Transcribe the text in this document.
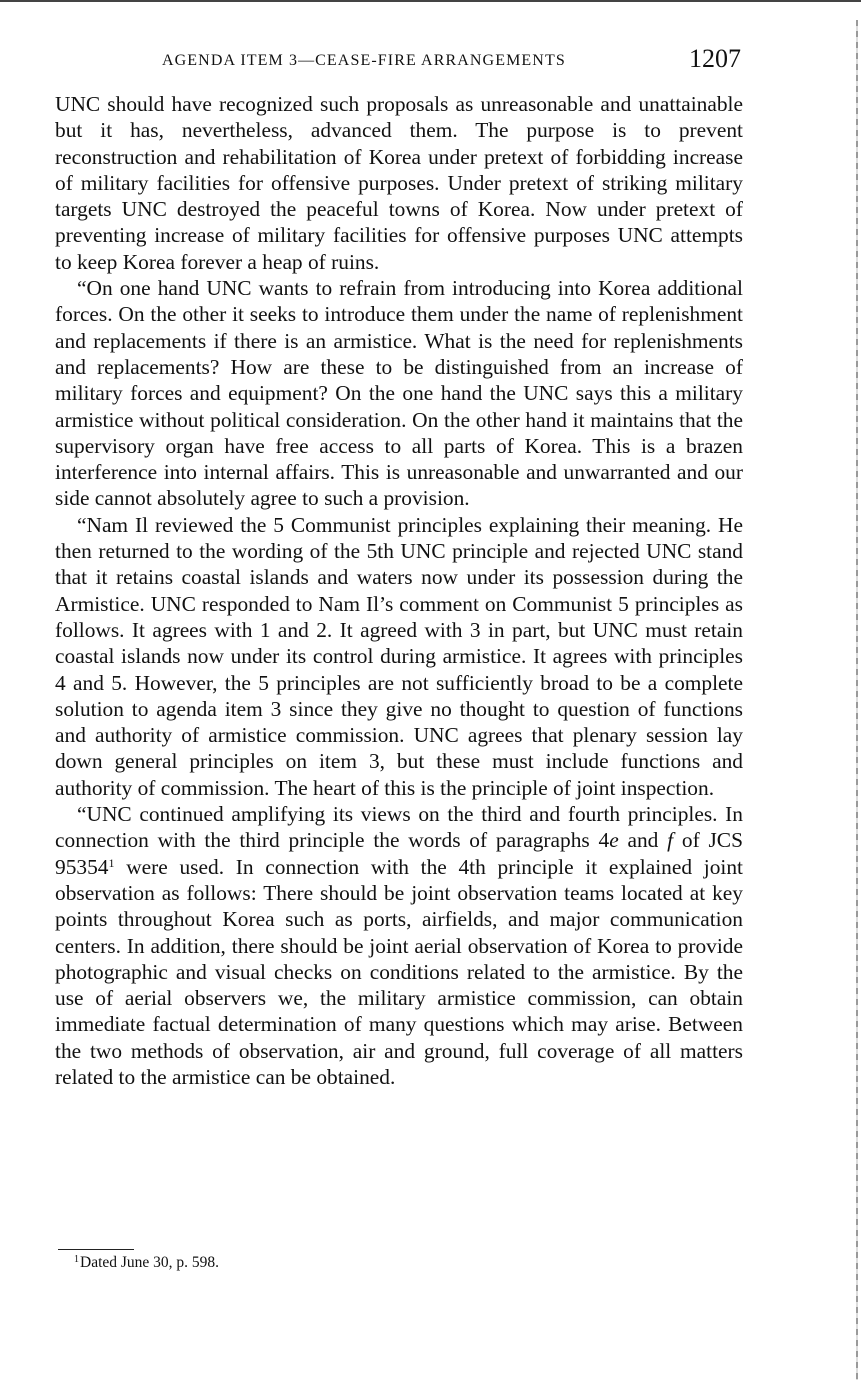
AGENDA ITEM 3—CEASE-FIRE ARRANGEMENTS	1207

UNC should have recognized such proposals as unreasonable and unattainable but it has, nevertheless, advanced them. The purpose is to prevent reconstruction and rehabilitation of Korea under pretext of forbidding increase of military facilities for offensive purposes. Under pretext of striking military targets UNC destroyed the peaceful towns of Korea. Now under pretext of preventing increase of military facilities for offensive purposes UNC attempts to keep Korea forever a heap of ruins.

“On one hand UNC wants to refrain from introducing into Korea additional forces. On the other it seeks to introduce them under the name of replenishment and replacements if there is an armistice. What is the need for replenishments and replacements? How are these to be distinguished from an increase of military forces and equipment? On the one hand the UNC says this a military armistice without political consideration. On the other hand it maintains that the supervisory organ have free access to all parts of Korea. This is a brazen interference into internal affairs. This is unreasonable and unwarranted and our side cannot absolutely agree to such a provision.

“Nam Il reviewed the 5 Communist principles explaining their meaning. He then returned to the wording of the 5th UNC principle and rejected UNC stand that it retains coastal islands and waters now under its possession during the Armistice. UNC responded to Nam Il’s comment on Communist 5 principles as follows. It agrees with 1 and 2. It agreed with 3 in part, but UNC must retain coastal islands now under its control during armistice. It agrees with principles 4 and 5. However, the 5 principles are not sufficiently broad to be a complete solution to agenda item 3 since they give no thought to question of functions and authority of armistice commission. UNC agrees that plenary session lay down general principles on item 3, but these must include functions and authority of commission. The heart of this is the principle of joint inspection.

“UNC continued amplifying its views on the third and fourth principles. In connection with the third principle the words of paragraphs 4e and f of JCS 95354$^1$ were used. In connection with the 4th principle it explained joint observation as follows: There should be joint observation teams located at key points throughout Korea such as ports, airfields, and major communication centers. In addition, there should be joint aerial observation of Korea to provide photographic and visual checks on conditions related to the armistice. By the use of aerial observers we, the military armistice commission, can obtain immediate factual determination of many questions which may arise. Between the two methods of observation, air and ground, full coverage of all matters related to the armistice can be obtained.

$^1$Dated June 30, p. 598.
